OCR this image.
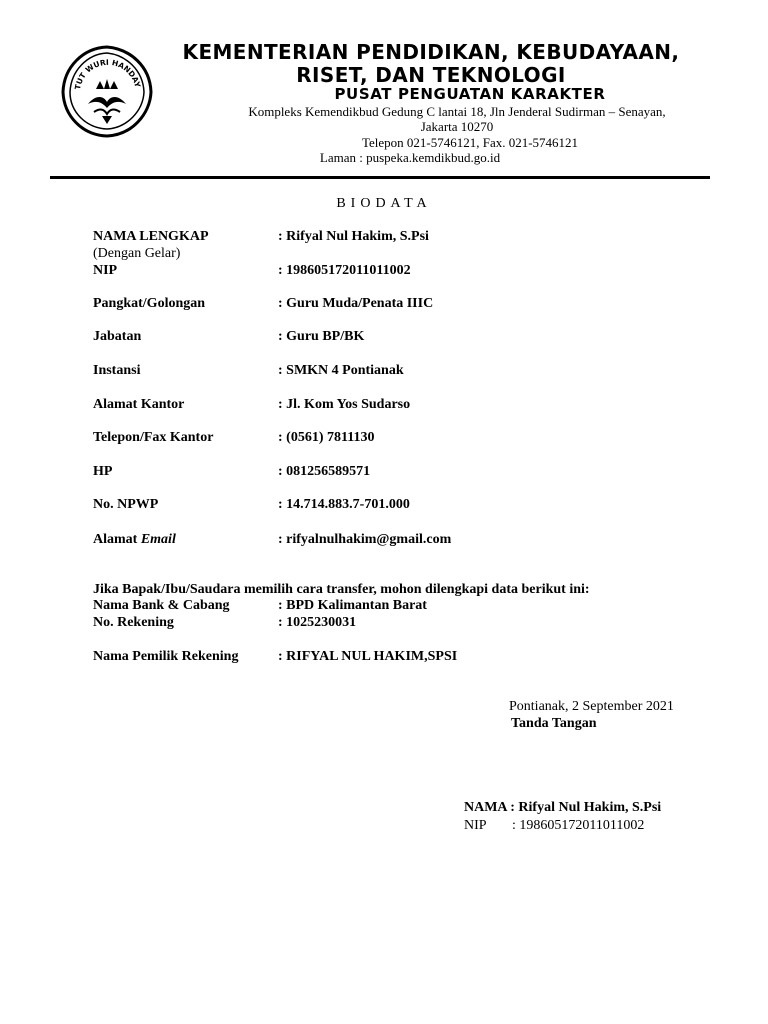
TUT WURI HANDAY
KEMENTERIAN PENDIDIKAN, KEBUDAYAAN,
RISET, DAN TEKNOLOGI
PUSAT PENGUATAN KARAKTER
Kompleks Kemendikbud Gedung C lantai 18, Jln Jenderal Sudirman – Senayan,
Jakarta 10270
Telepon 021-5746121, Fax. 021-5746121
Laman : puspeka.kemdikbud.go.id
BIODATA
NAMA LENGKAP	: Rifyal Nul Hakim, S.Psi
(Dengan Gelar)
NIP	: 198605172011011002
Pangkat/Golongan	: Guru Muda/Penata IIIC
Jabatan	: Guru BP/BK
Instansi	: SMKN 4 Pontianak
Alamat Kantor	: Jl. Kom Yos Sudarso
Telepon/Fax Kantor	: (0561) 7811130
HP	: 081256589571
No. NPWP	: 14.714.883.7-701.000
Alamat Email	: rifyalnulhakim@gmail.com
Jika Bapak/Ibu/Saudara memilih cara transfer, mohon dilengkapi data berikut ini:
Nama Bank & Cabang	: BPD Kalimantan Barat
No. Rekening	: 1025230031
Nama Pemilik Rekening	: RIFYAL NUL HAKIM,SPSI
Pontianak, 2 September 2021
Tanda Tangan
NAMA : Rifyal Nul Hakim, S.Psi
NIP : 198605172011011002
